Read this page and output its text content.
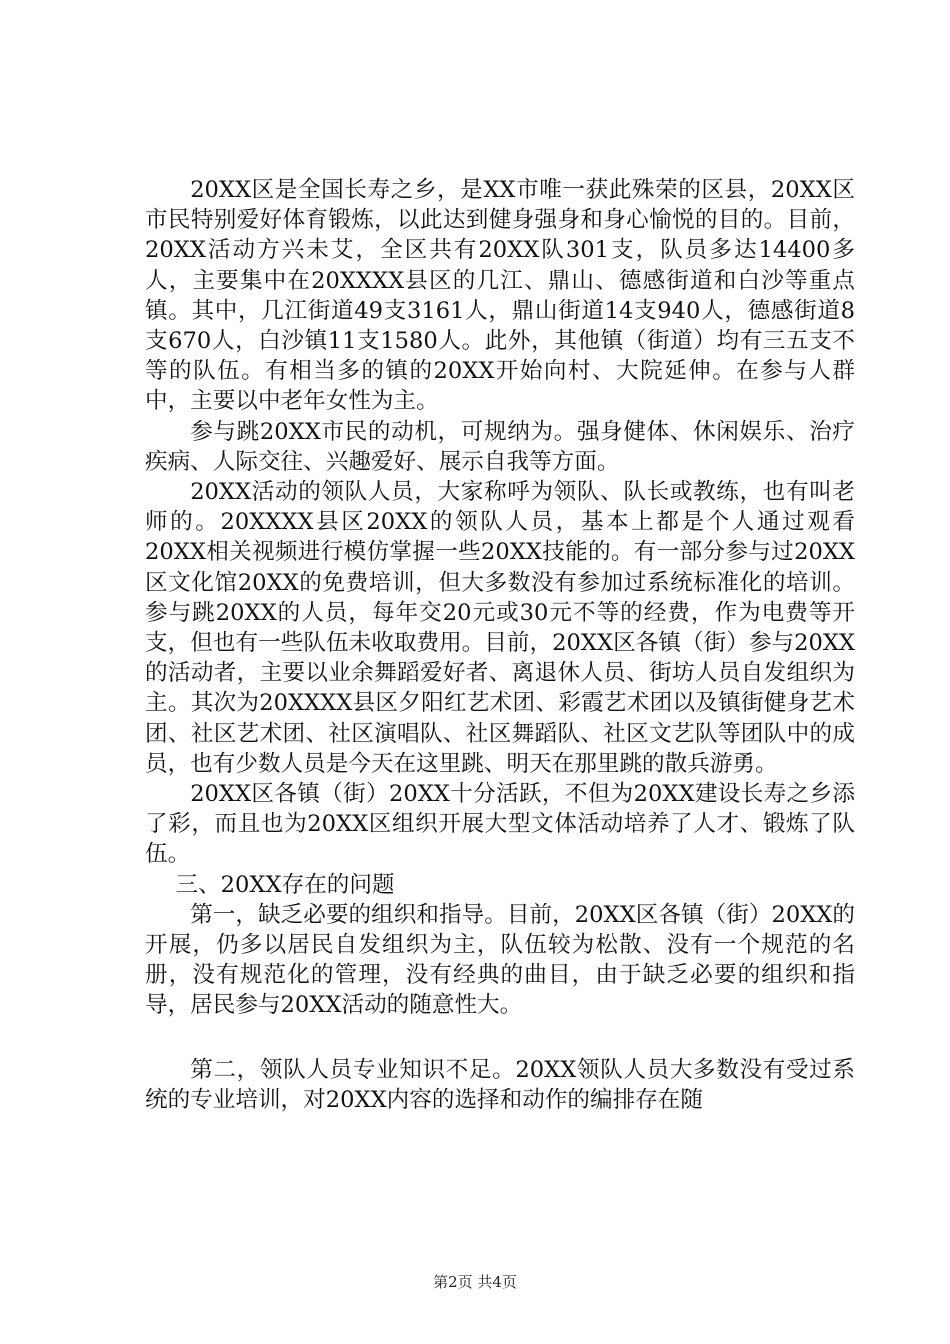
20XX区是全国长寿之乡，是XX市唯一获此殊荣的区县，20XX区市民特别爱好体育锻炼，以此达到健身强身和身心愉悦的目的。目前，20XX活动方兴未艾，全区共有20XX队301支，队员多达14400多人，主要集中在20XXXX县区的几江、鼎山、德感街道和白沙等重点镇。其中，几江街道49支3161人，鼎山街道14支940人，德感街道8支670人，白沙镇11支1580人。此外，其他镇（街道）均有三五支不等的队伍。有相当多的镇的20XX开始向村、大院延伸。在参与人群中，主要以中老年女性为主。

参与跳20XX市民的动机，可规纳为。强身健体、休闲娱乐、治疗疾病、人际交往、兴趣爱好、展示自我等方面。

20XX活动的领队人员，大家称呼为领队、队长或教练，也有叫老师的。20XXXX县区20XX的领队人员，基本上都是个人通过观看20XX相关视频进行模仿掌握一些20XX技能的。有一部分参与过20XX区文化馆20XX的免费培训，但大多数没有参加过系统标准化的培训。参与跳20XX的人员，每年交20元或30元不等的经费，作为电费等开支，但也有一些队伍未收取费用。目前，20XX区各镇（街）参与20XX的活动者，主要以业余舞蹈爱好者、离退休人员、街坊人员自发组织为主。其次为20XXXX县区夕阳红艺术团、彩霞艺术团以及镇街健身艺术团、社区艺术团、社区演唱队、社区舞蹈队、社区文艺队等团队中的成员，也有少数人员是今天在这里跳、明天在那里跳的散兵游勇。

20XX区各镇（街）20XX十分活跃，不但为20XX建设长寿之乡添了彩，而且也为20XX区组织开展大型文体活动培养了人才、锻炼了队伍。

三、20XX存在的问题

第一，缺乏必要的组织和指导。目前，20XX区各镇（街）20XX的开展，仍多以居民自发组织为主，队伍较为松散、没有一个规范的名册，没有规范化的管理，没有经典的曲目，由于缺乏必要的组织和指导，居民参与20XX活动的随意性大。

第二，领队人员专业知识不足。20XX领队人员大多数没有受过系统的专业培训，对20XX内容的选择和动作的编排存在随

第2页 共4页
